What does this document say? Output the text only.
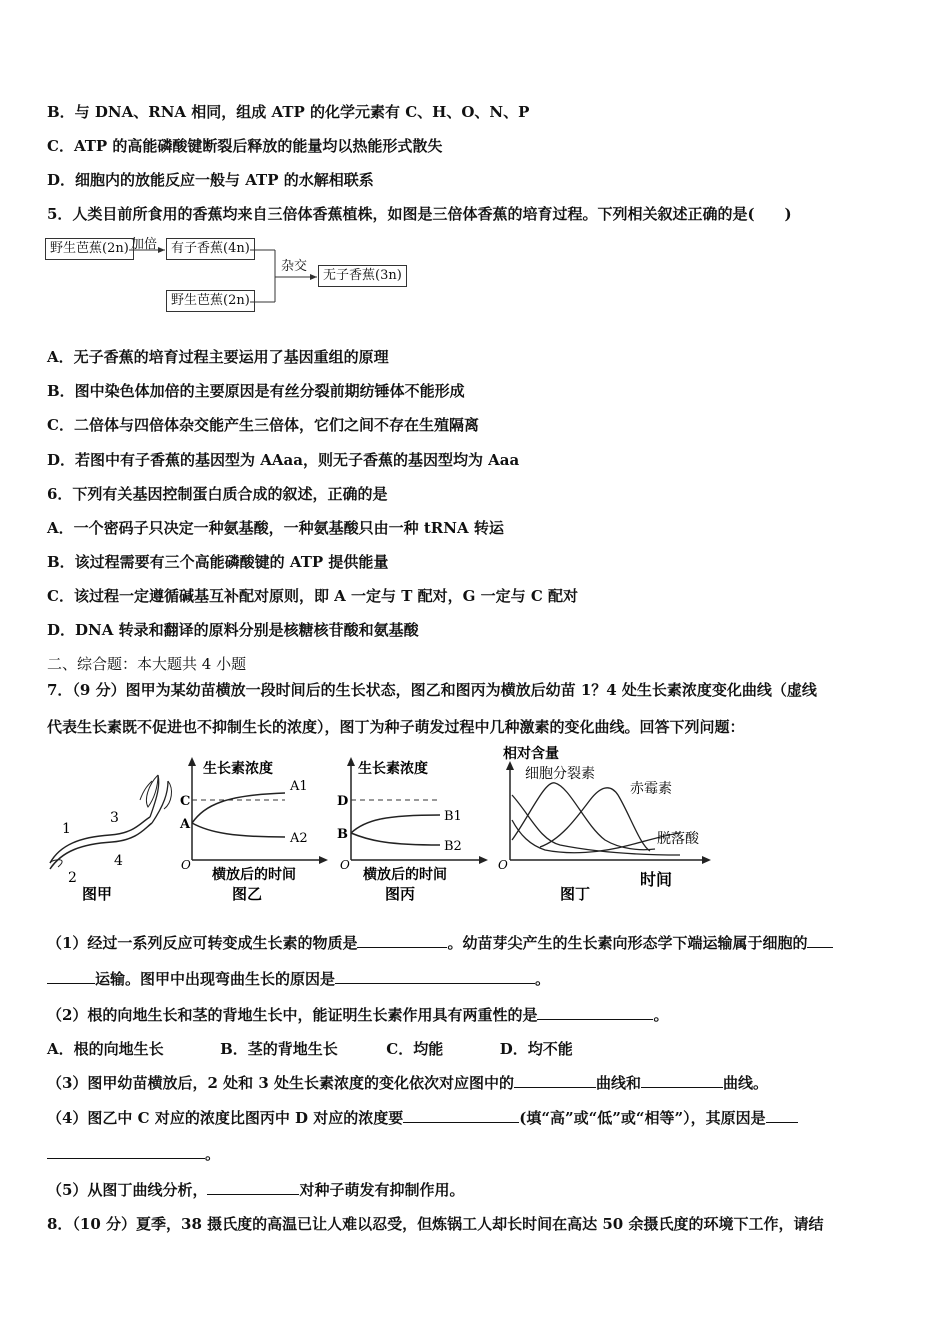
B．与 DNA、RNA 相同，组成 ATP 的化学元素有 C、H、O、N、P
C．ATP 的高能磷酸键断裂后释放的能量均以热能形式散失
D．细胞内的放能反应一般与 ATP 的水解相联系
5．人类目前所食用的香蕉均来自三倍体香蕉植株，如图是三倍体香蕉的培育过程。下列相关叙述正确的是(　　)
野生芭蕉(2n) 加倍	有子香蕉(4n)
野生芭蕉(2n)
杂交
无子香蕉(3n)
A．无子香蕉的培育过程主要运用了基因重组的原理
B．图中染色体加倍的主要原因是有丝分裂前期纺锤体不能形成
C．二倍体与四倍体杂交能产生三倍体，它们之间不存在生殖隔离
D．若图中有子香蕉的基因型为 AAaa，则无子香蕉的基因型均为 Aaa
6．下列有关基因控制蛋白质合成的叙述，正确的是
A．一个密码子只决定一种氨基酸，一种氨基酸只由一种 tRNA 转运
B．该过程需要有三个高能磷酸键的 ATP 提供能量
C．该过程一定遵循碱基互补配对原则，即 A 一定与 T 配对，G 一定与 C 配对
D．DNA 转录和翻译的原料分别是核糖核苷酸和氨基酸
二、综合题：本大题共 4 小题
7．（9 分）图甲为某幼苗横放一段时间后的生长状态，图乙和图丙为横放后幼苗 1？4 处生长素浓度变化曲线（虚线
代表生长素既不促进也不抑制生长的浓度），图丁为种子萌发过程中几种激素的变化曲线。回答下列问题：
1
2
3
4
图甲
生长素浓度
C
A
A1
A2
O
横放后的时间
图乙
生长素浓度
D
B
B1
B2
O
横放后的时间
图丙
相对含量
细胞分裂素
赤霉素
脱落酸
O
时间
图丁
（1）经过一系列反应可转变成生长素的物质是	。幼苗芽尖产生的生长素向形态学下端运输属于细胞的
运输。图甲中出现弯曲生长的原因是	。
（2）根的向地生长和茎的背地生长中，能证明生长素作用具有两重性的是	。
A．根的向地生长	B．茎的背地生长	C．均能	D．均不能
（3）图甲幼苗横放后，2 处和 3 处生长素浓度的变化依次对应图中的	曲线和	曲线。
（4）图乙中 C 对应的浓度比图丙中 D 对应的浓度要	(填“高”或“低”或“相等”），其原因是
。
（5）从图丁曲线分析，	对种子萌发有抑制作用。
8．（10 分）夏季，38 摄氏度的高温已让人难以忍受，但炼锅工人却长时间在高达 50 余摄氏度的环境下工作，请结
